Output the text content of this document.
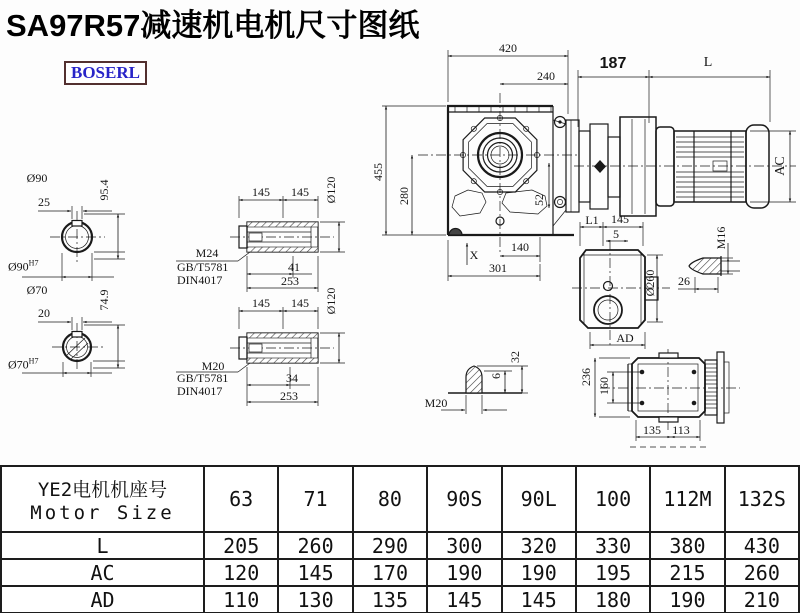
SA97R57减速机电机尺寸图纸
BOSERL
Ø90
25
95.4
$Ø90^{H7}$
Ø70
20
74.9
$Ø70^{H7}$
145 145 Ø120
M24
GB/T5781
DIN4017
41
253
145 145 Ø120
M20
GB/T5781
DIN4017
34
253
420
240
455
280	52
140
X
301
187	L
AC
L1 145
5
Ø260
AD
M16
26
32
6
M20
236 160
135 113
YE2电机机座号
Motor Size	63	71	80	90S	90L	100	112M	132S
L	205	260	290	300	320	330	380	430
AC	120	145	170	190	190	195	215	260
AD	110	130	135	145	145	180	190	210
